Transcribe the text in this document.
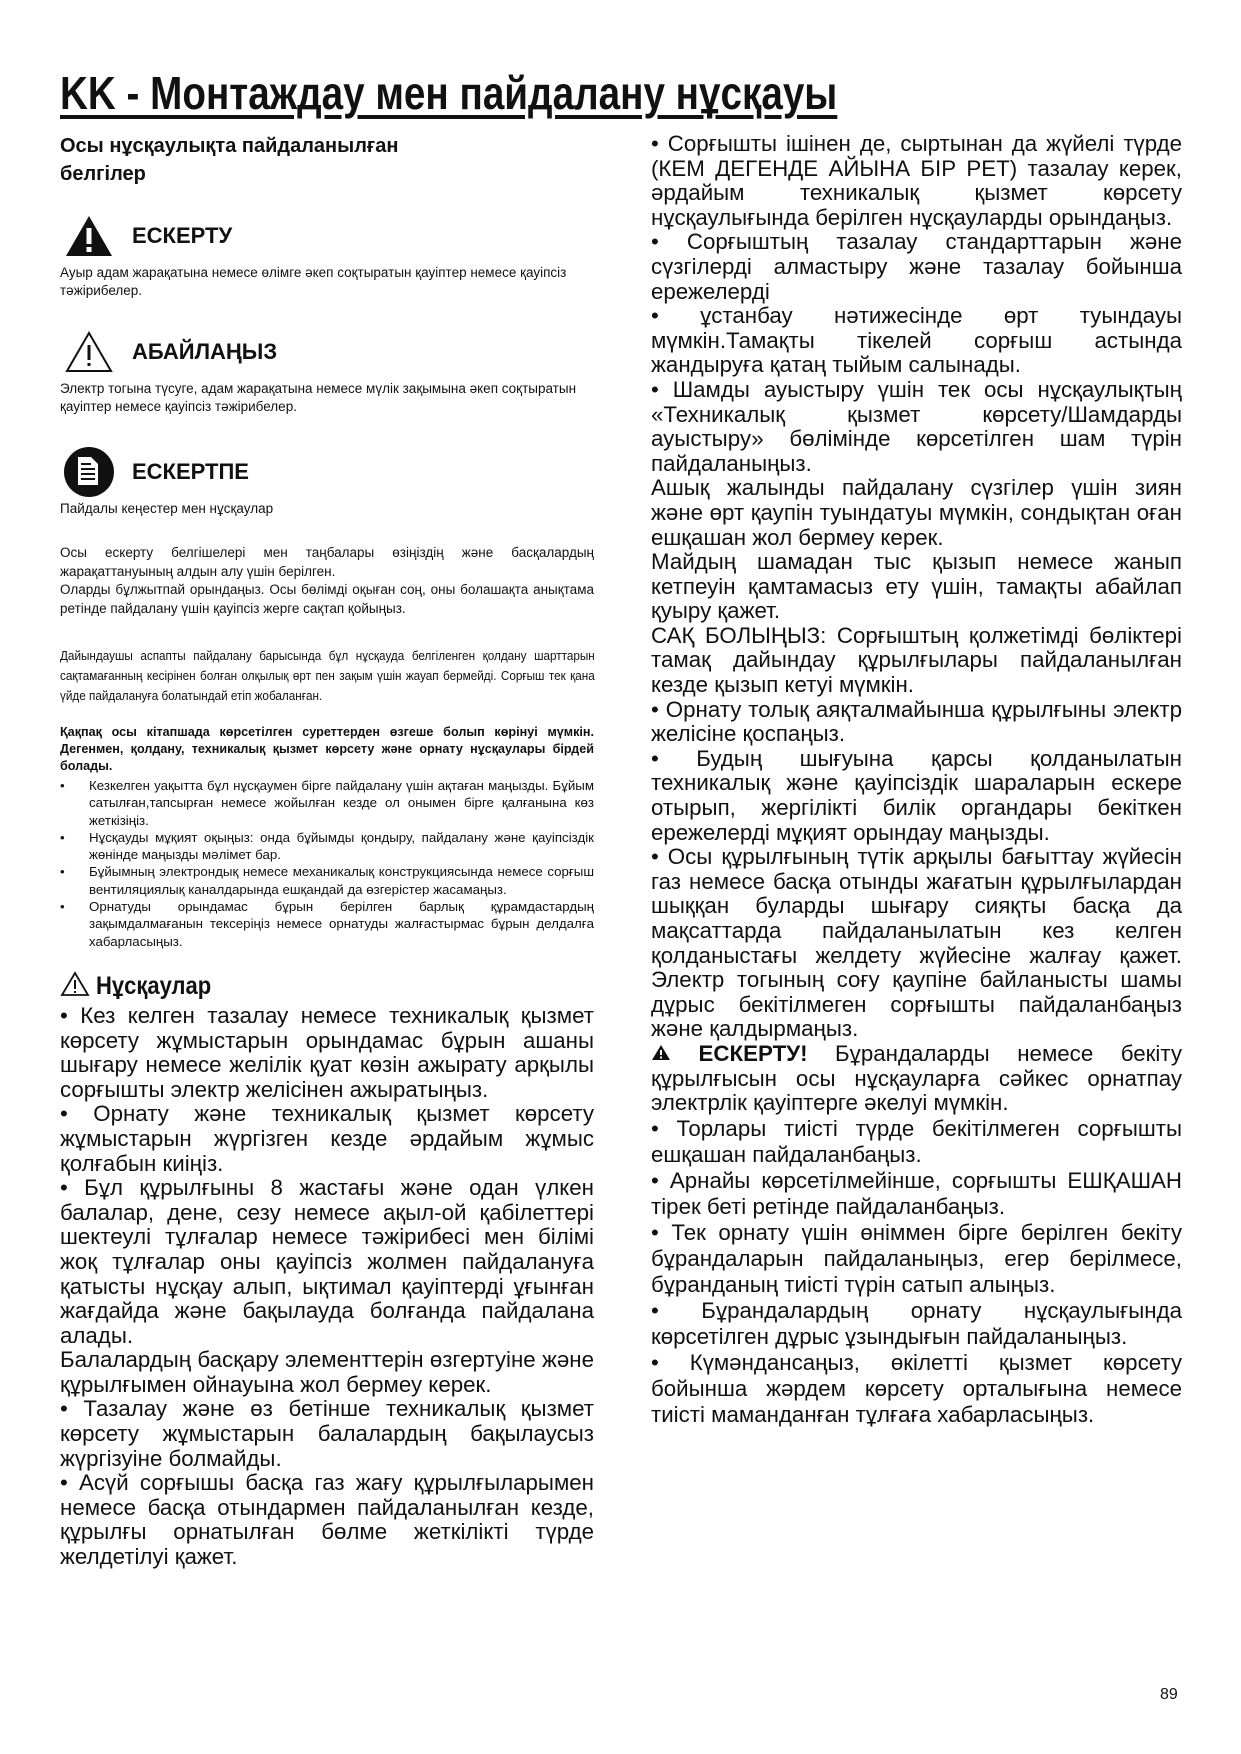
KK - Монтаждау мен пайдалану нұсқауы
Осы нұсқаулықта пайдаланылған
белгілер
ЕСКЕРТУ
Ауыр адам жарақатына немесе өлімге әкеп соқтыратын қауіптер немесе қауіпсіз тәжірибелер.
АБАЙЛАҢЫЗ
Электр тогына түсуге, адам жарақатына немесе мүлік зақымына әкеп соқтыратын қауіптер немесе қауіпсіз тәжірибелер.
ЕСКЕРТПЕ
Пайдалы кеңестер мен нұсқаулар

Осы ескерту белгішелері мен таңбалары өзіңіздің және басқалардың жарақаттануының алдын алу үшін берілген.

Оларды бұлжытпай орындаңыз. Осы бөлімді оқыған соң, оны болашақта анықтама ретінде пайдалану үшін қауіпсіз жерге сақтап қойыңыз.

Дайындаушы аспапты пайдалану барысында бұл нұсқауда белгіленген қолдану шарттарын сақтамағанның кесірінен болған олқылық өрт пен зақым үшін жауап бермейді. Сорғыш тек қана үйде пайдалануға болатындай етіп жобаланған.

Қақпақ осы кітапшада көрсетілген суреттерден өзгеше болып көрінуі мүмкін. Дегенмен, қолдану, техникалық қызмет көрсету және орнату нұсқаулары бірдей болады.

• Кезкелген уақытта бұл нұсқаумен бірге пайдалану үшін ақтаған маңызды. Бұйым сатылған,тапсырған немесе жойылған кезде ол онымен бірге қалғанына көз жеткізіңіз.
• Нұсқауды мұқият оқыңыз: онда бұйымды қондыру, пайдалану және қауіпсіздік жөнінде маңызды мәлімет бар.
• Бұйымның электрондық немесе механикалық конструкциясында немесе сорғыш вентиляциялық каналдарында ешқандай да өзгерістер жасамаңыз.
• Орнатуды орындамас бұрын берілген барлық құрамдастардың зақымдалмағанын тексеріңіз немесе орнатуды жалғастырмас бұрын делдалға хабарласыңыз.
Нұсқаулар

• Кез келген тазалау немесе техникалық қызмет көрсету жұмыстарын орындамас бұрын ашаны шығару немесе желілік қуат көзін ажырату арқылы сорғышты электр желісінен ажыратыңыз.

• Орнату және техникалық қызмет көрсету жұмыстарын жүргізген кезде әрдайым жұмыс қолғабын киіңіз.

• Бұл құрылғыны 8 жастағы және одан үлкен балалар, дене, сезу немесе ақыл-ой қабілеттері шектеулі тұлғалар немесе тәжірибесі мен білімі жоқ тұлғалар оны қауіпсіз жолмен пайдалануға қатысты нұсқау алып, ықтимал қауіптерді ұғынған жағдайда және бақылауда болғанда пайдалана алады.

Балалардың басқару элементтерін өзгертуіне және құрылғымен ойнауына жол бермеу керек.

• Тазалау және өз бетінше техникалық қызмет көрсету жұмыстарын балалардың бақылаусыз жүргізуіне болмайды.

• Асүй сорғышы басқа газ жағу құрылғыларымен немесе басқа отындармен пайдаланылған кезде, құрылғы орнатылған бөлме жеткілікті түрде желдетілуі қажет.

• Сорғышты ішінен де, сыртынан да жүйелі түрде (КЕМ ДЕГЕНДЕ АЙЫНА БІР РЕТ) тазалау керек, әрдайым техникалық қызмет көрсету нұсқаулығында берілген нұсқауларды орындаңыз.

• Сорғыштың тазалау стандарттарын және сүзгілерді алмастыру және тазалау бойынша ережелерді

• ұстанбау нәтижесінде өрт туындауы мүмкін.Тамақты тікелей сорғыш астында жандыруға қатаң тыйым салынады.

• Шамды ауыстыру үшін тек осы нұсқаулықтың «Техникалық қызмет көрсету/Шамдарды ауыстыру» бөлімінде көрсетілген шам түрін пайдаланыңыз.

Ашық жалынды пайдалану сүзгілер үшін зиян және өрт қаупін туындатуы мүмкін, сондықтан оған ешқашан жол бермеу керек.

Майдың шамадан тыс қызып немесе жанып кетпеуін қамтамасыз ету үшін, тамақты абайлап қуыру қажет.

САҚ БОЛЫҢЫЗ: Сорғыштың қолжетімді бөліктері тамақ дайындау құрылғылары пайдаланылған кезде қызып кетуі мүмкін.

• Орнату толық аяқталмайынша құрылғыны электр желісіне қоспаңыз.

• Будың шығуына қарсы қолданылатын техникалық және қауіпсіздік шараларын ескере отырып, жергілікті билік органдары бекіткен ережелерді мұқият орындау маңызды.

• Осы құрылғының түтік арқылы бағыттау жүйесін газ немесе басқа отынды жағатын құрылғылардан шыққан буларды шығару сияқты басқа да мақсаттарда пайдаланылатын кез келген қолданыстағы желдету жүйесіне жалғау қажет. Электр тогының соғу қаупіне байланысты шамы дұрыс бекітілмеген сорғышты пайдаланбаңыз және қалдырмаңыз.

ЕСКЕРТУ! Бұрандаларды немесе бекіту құрылғысын осы нұсқауларға сәйкес орнатпау электрлік қауіптерге әкелуі мүмкін.

• Торлары тиісті түрде бекітілмеген сорғышты ешқашан пайдаланбаңыз.

• Арнайы көрсетілмейінше, сорғышты ЕШҚАШАН тірек беті ретінде пайдаланбаңыз.

• Тек орнату үшін өніммен бірге берілген бекіту бұрандаларын пайдаланыңыз, егер берілмесе, бұранданың тиісті түрін сатып алыңыз.

• Бұрандалардың орнату нұсқаулығында көрсетілген дұрыс ұзындығын пайдаланыңыз.

• Күмәндансаңыз, өкілетті қызмет көрсету бойынша жәрдем көрсету орталығына немесе тиісті маманданған тұлғаға хабарласыңыз.

89
